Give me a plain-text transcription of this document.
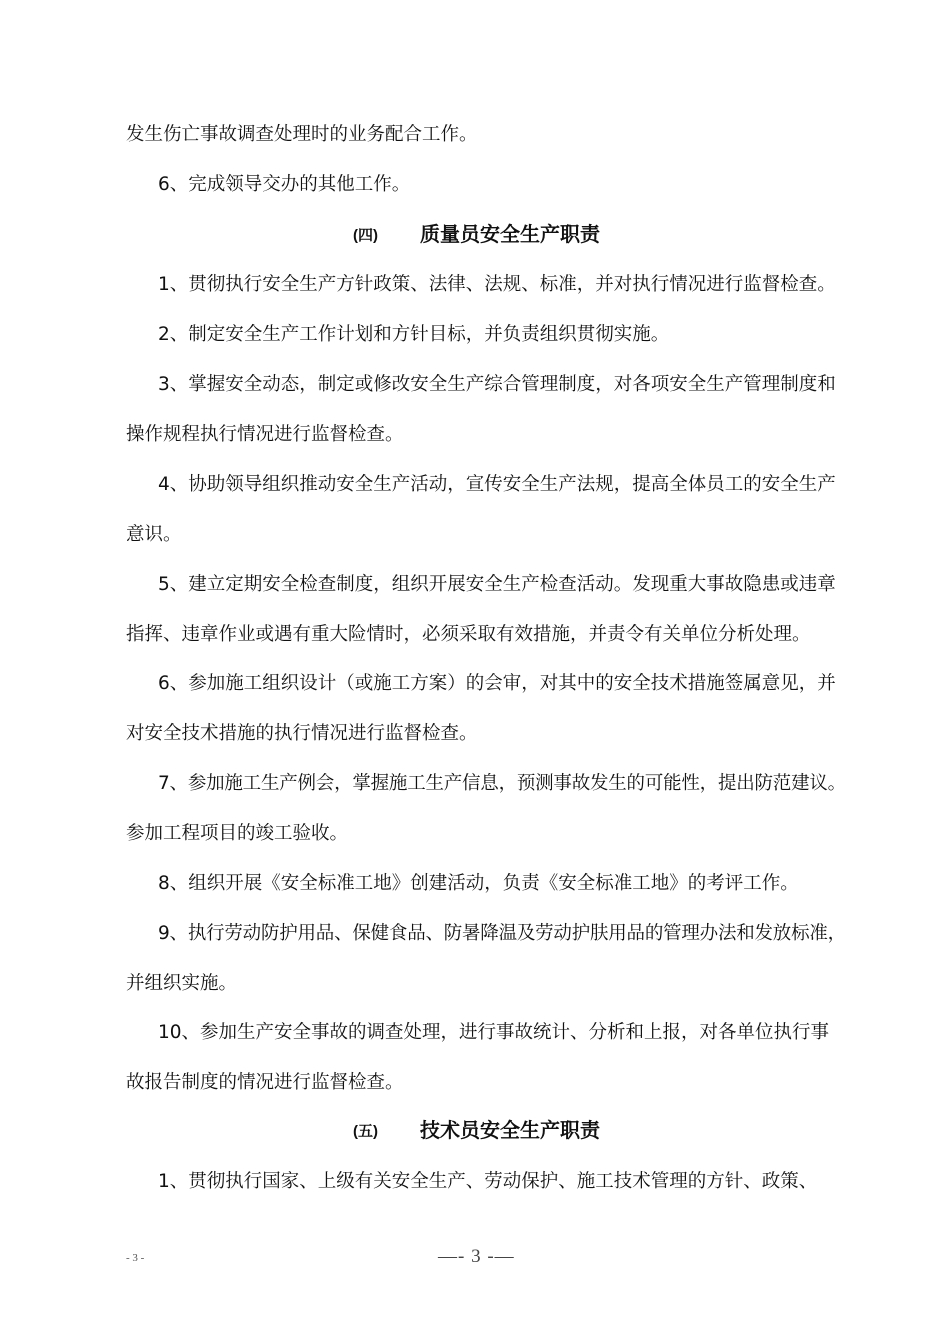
发生伤亡事故调查处理时的业务配合工作。
6、完成领导交办的其他工作。
(四) 质量员安全生产职责
1、贯彻执行安全生产方针政策、法律、法规、标准，并对执行情况进行监督检查。
2、制定安全生产工作计划和方针目标，并负责组织贯彻实施。
3、掌握安全动态，制定或修改安全生产综合管理制度，对各项安全生产管理制度和
操作规程执行情况进行监督检查。
4、协助领导组织推动安全生产活动，宣传安全生产法规，提高全体员工的安全生产
意识。
5、建立定期安全检查制度，组织开展安全生产检查活动。发现重大事故隐患或违章
指挥、违章作业或遇有重大险情时，必须采取有效措施，并责令有关单位分析处理。
6、参加施工组织设计（或施工方案）的会审，对其中的安全技术措施签属意见，并
对安全技术措施的执行情况进行监督检查。
7、参加施工生产例会，掌握施工生产信息，预测事故发生的可能性，提出防范建议。
参加工程项目的竣工验收。
8、组织开展《安全标准工地》创建活动，负责《安全标准工地》的考评工作。
9、执行劳动防护用品、保健食品、防暑降温及劳动护肤用品的管理办法和发放标准，
并组织实施。
10、参加生产安全事故的调查处理，进行事故统计、分析和上报，对各单位执行事
故报告制度的情况进行监督检查。
(五) 技术员安全生产职责
1、贯彻执行国家、上级有关安全生产、劳动保护、施工技术管理的方针、政策、
- 3 -	—- 3 -—
